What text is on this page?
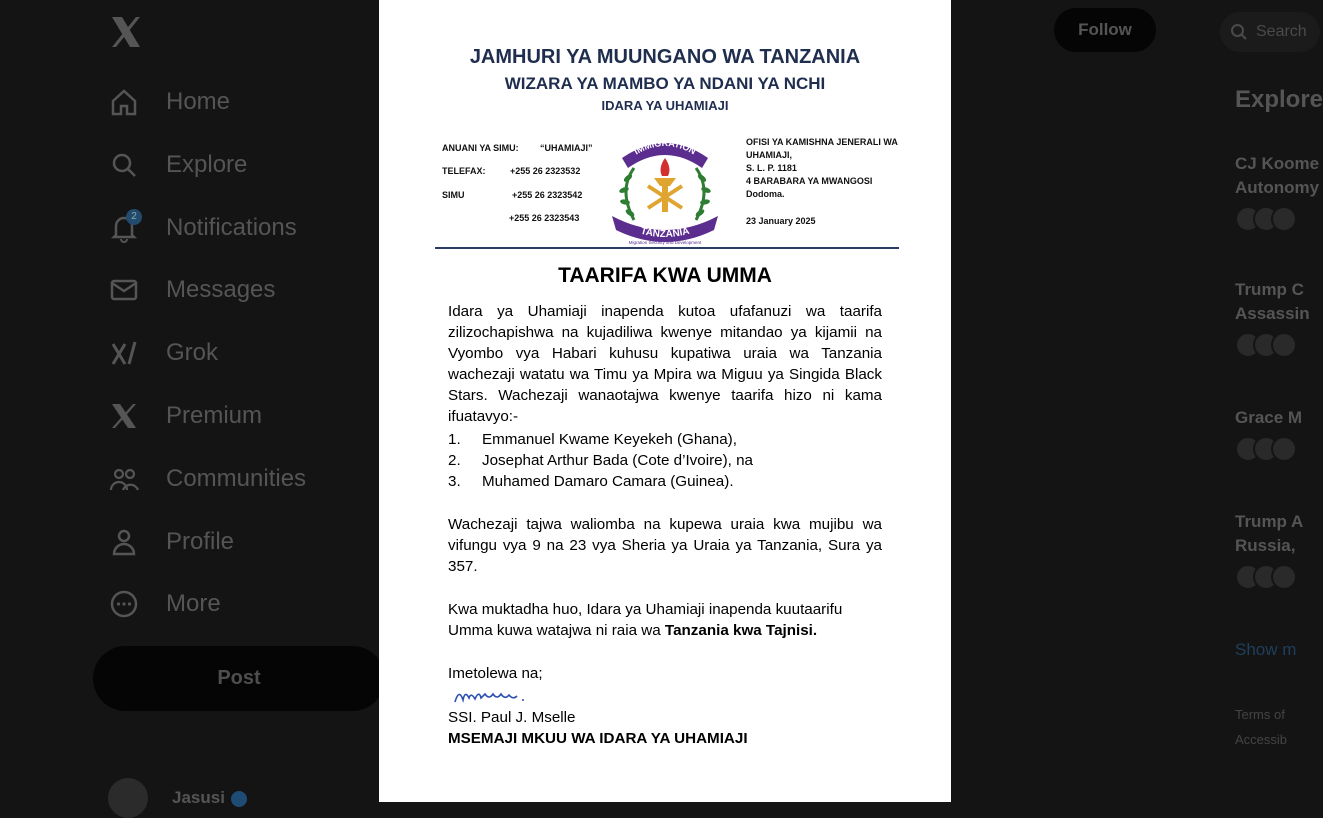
Home
Explore
2 Notifications
Messages
Grok
Premium
Communities
Profile
More
Post
Jasusi
Follow	Search
Explore
CJ Koome
Autonomy
Trump C
Assassin
Grace M
Trump A
Russia,
Show m
Terms of
Accessib
JAMHURI YA MUUNGANO WA TANZANIA
WIZARA YA MAMBO YA NDANI YA NCHI
IDARA YA UHAMIAJI
ANUANI YA SIMU: “UHAMIAJI”
TELEFAX:	+255 26 2323532
SIMU	+255 26 2323542
+255 26 2323543
IMMIGRATION
TANZANIA
Migration Security and Development
OFISI YA KAMISHNA JENERALI WA
UHAMIAJI,
S. L. P. 1181
4 BARABARA YA MWANGOSI
Dodoma.
23 January 2025
TAARIFA KWA UMMA
Idara ya Uhamiaji inapenda kutoa ufafanuzi wa taarifa
zilizochapishwa na kujadiliwa kwenye mitandao ya kijamii na
Vyombo vya Habari kuhusu kupatiwa uraia wa Tanzania
wachezaji watatu wa Timu ya Mpira wa Miguu ya Singida Black
Stars. Wachezaji wanaotajwa kwenye taarifa hizo ni kama
ifuatavyo:-
1.	Emmanuel Kwame Keyekeh (Ghana),
2.	Josephat Arthur Bada (Cote d’Ivoire), na
3.	Muhamed Damaro Camara (Guinea).
Wachezaji tajwa waliomba na kupewa uraia kwa mujibu wa
vifungu vya 9 na 23 vya Sheria ya Uraia ya Tanzania, Sura ya
357.
Kwa muktadha huo, Idara ya Uhamiaji inapenda kuutaarifu
Umma kuwa watajwa ni raia wa Tanzania kwa Tajnisi.
Imetolewa na;
SSI. Paul J. Mselle
MSEMAJI MKUU WA IDARA YA UHAMIAJI
